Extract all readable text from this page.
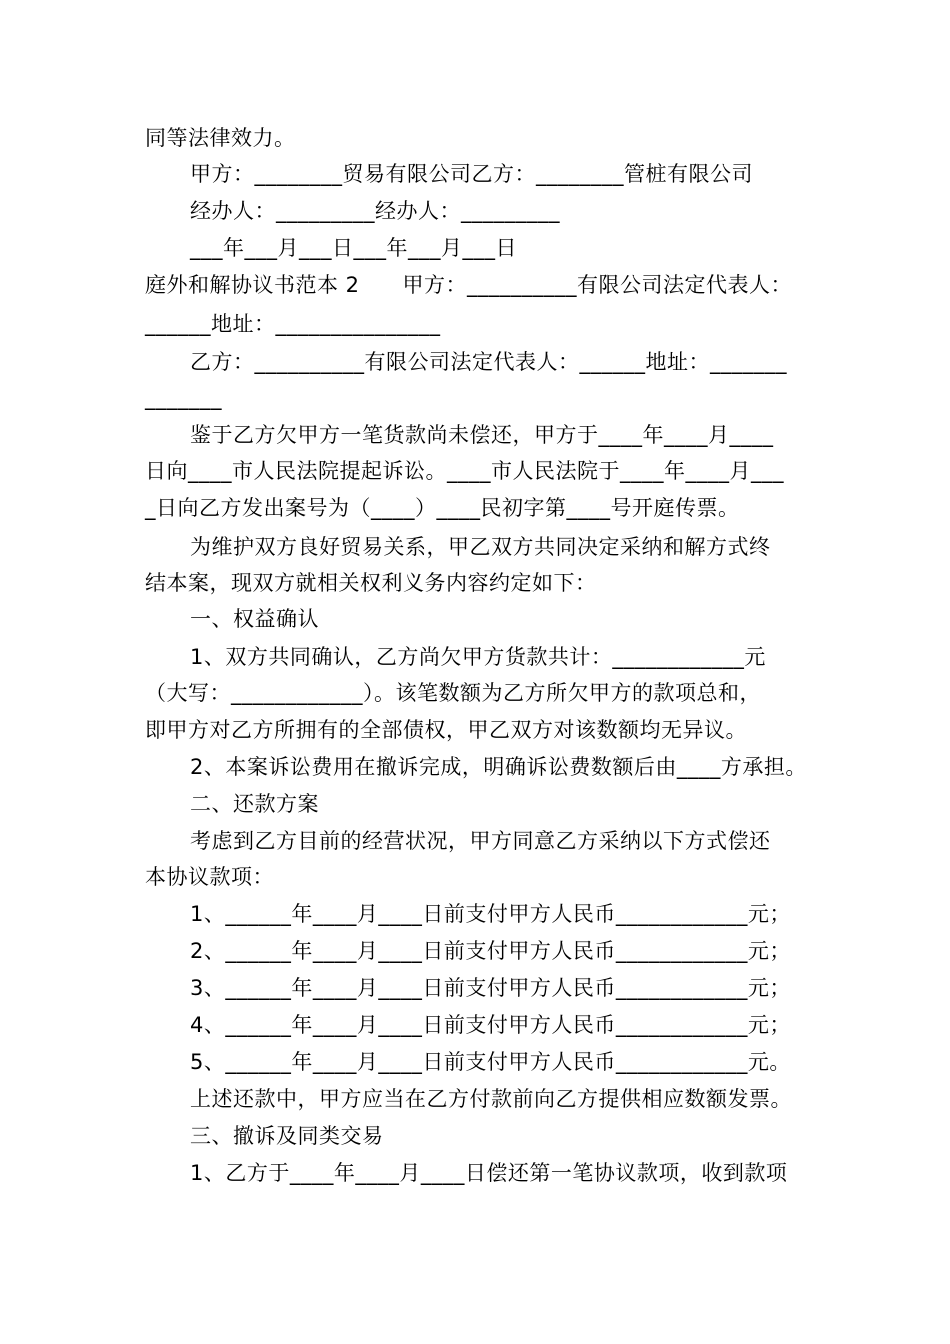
同等法律效力。
甲方：________贸易有限公司乙方：________管桩有限公司
经办人：_________经办人：_________
___年___月___日___年___月___日
庭外和解协议书范本 2　　甲方：__________有限公司法定代表人：
______地址：_______________
乙方：__________有限公司法定代表人：______地址：_______
_______
鉴于乙方欠甲方一笔货款尚未偿还，甲方于____年____月____
日向____市人民法院提起诉讼。____市人民法院于____年____月___
_日向乙方发出案号为（____）____民初字第____号开庭传票。
为维护双方良好贸易关系，甲乙双方共同决定采纳和解方式终
结本案，现双方就相关权利义务内容约定如下：
一、权益确认
1、双方共同确认，乙方尚欠甲方货款共计：____________元
（大写：____________）。该笔数额为乙方所欠甲方的款项总和，
即甲方对乙方所拥有的全部债权，甲乙双方对该数额均无异议。
2、本案诉讼费用在撤诉完成，明确诉讼费数额后由____方承担。
二、还款方案
考虑到乙方目前的经营状况，甲方同意乙方采纳以下方式偿还
本协议款项：
1、______年____月____日前支付甲方人民币____________元；
2、______年____月____日前支付甲方人民币____________元；
3、______年____月____日前支付甲方人民币____________元；
4、______年____月____日前支付甲方人民币____________元；
5、______年____月____日前支付甲方人民币____________元。
上述还款中，甲方应当在乙方付款前向乙方提供相应数额发票。
三、撤诉及同类交易
1、乙方于____年____月____日偿还第一笔协议款项，收到款项
